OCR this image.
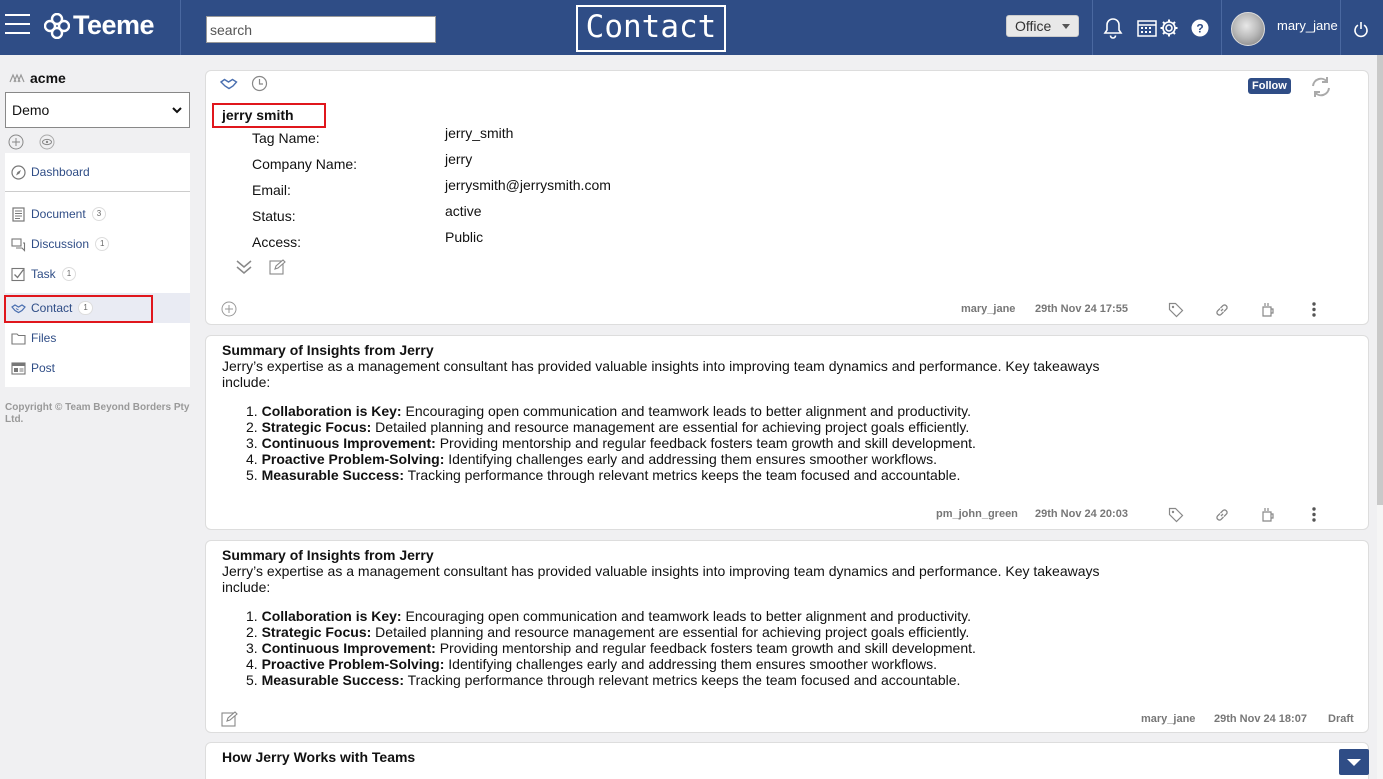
Teeme
search	Contact	Office	?	mary_jane
acme
Demo
Dashboard
Document	3
Discussion	1
Task	1
Contact	1
Files
Post
Copyright © Team Beyond Borders Pty Ltd.
Follow
jerry smith
Tag Name:	jerry_smith
Company Name:	jerry
Email:	jerrysmith@jerrysmith.com
Status:	active
Access:	Public
mary_jane 29th Nov 24 17:55
Summary of Insights from Jerry
Jerry’s expertise as a management consultant has provided valuable insights into improving team dynamics and performance. Key takeaways include:
1. Collaboration is Key: Encouraging open communication and teamwork leads to better alignment and productivity.
2. Strategic Focus: Detailed planning and resource management are essential for achieving project goals efficiently.
3. Continuous Improvement: Providing mentorship and regular feedback fosters team growth and skill development.
4. Proactive Problem-Solving: Identifying challenges early and addressing them ensures smoother workflows.
5. Measurable Success: Tracking performance through relevant metrics keeps the team focused and accountable.
pm_john_green 29th Nov 24 20:03
Summary of Insights from Jerry
Jerry’s expertise as a management consultant has provided valuable insights into improving team dynamics and performance. Key takeaways include:
1. Collaboration is Key: Encouraging open communication and teamwork leads to better alignment and productivity.
2. Strategic Focus: Detailed planning and resource management are essential for achieving project goals efficiently.
3. Continuous Improvement: Providing mentorship and regular feedback fosters team growth and skill development.
4. Proactive Problem-Solving: Identifying challenges early and addressing them ensures smoother workflows.
5. Measurable Success: Tracking performance through relevant metrics keeps the team focused and accountable.
mary_jane 29th Nov 24 18:07 Draft
How Jerry Works with Teams
